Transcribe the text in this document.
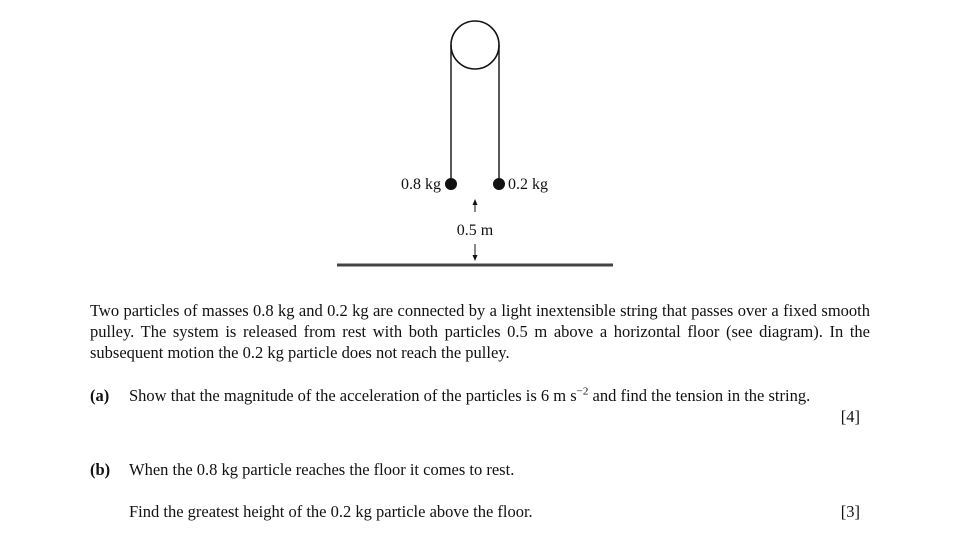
0.8 kg	0.2 kg
0.5 m
Two particles of masses 0.8 kg and 0.2 kg are connected by a light inextensible string that passes over a fixed smooth pulley. The system is released from rest with both particles 0.5 m above a horizontal floor (see diagram). In the subsequent motion the 0.2 kg particle does not reach the pulley.
(a) Show that the magnitude of the acceleration of the particles is 6 m $s^{-2}$ and find the tension in the string.
[4]
(b) When the 0.8 kg particle reaches the floor it comes to rest.
Find the greatest height of the 0.2 kg particle above the floor.	[3]
